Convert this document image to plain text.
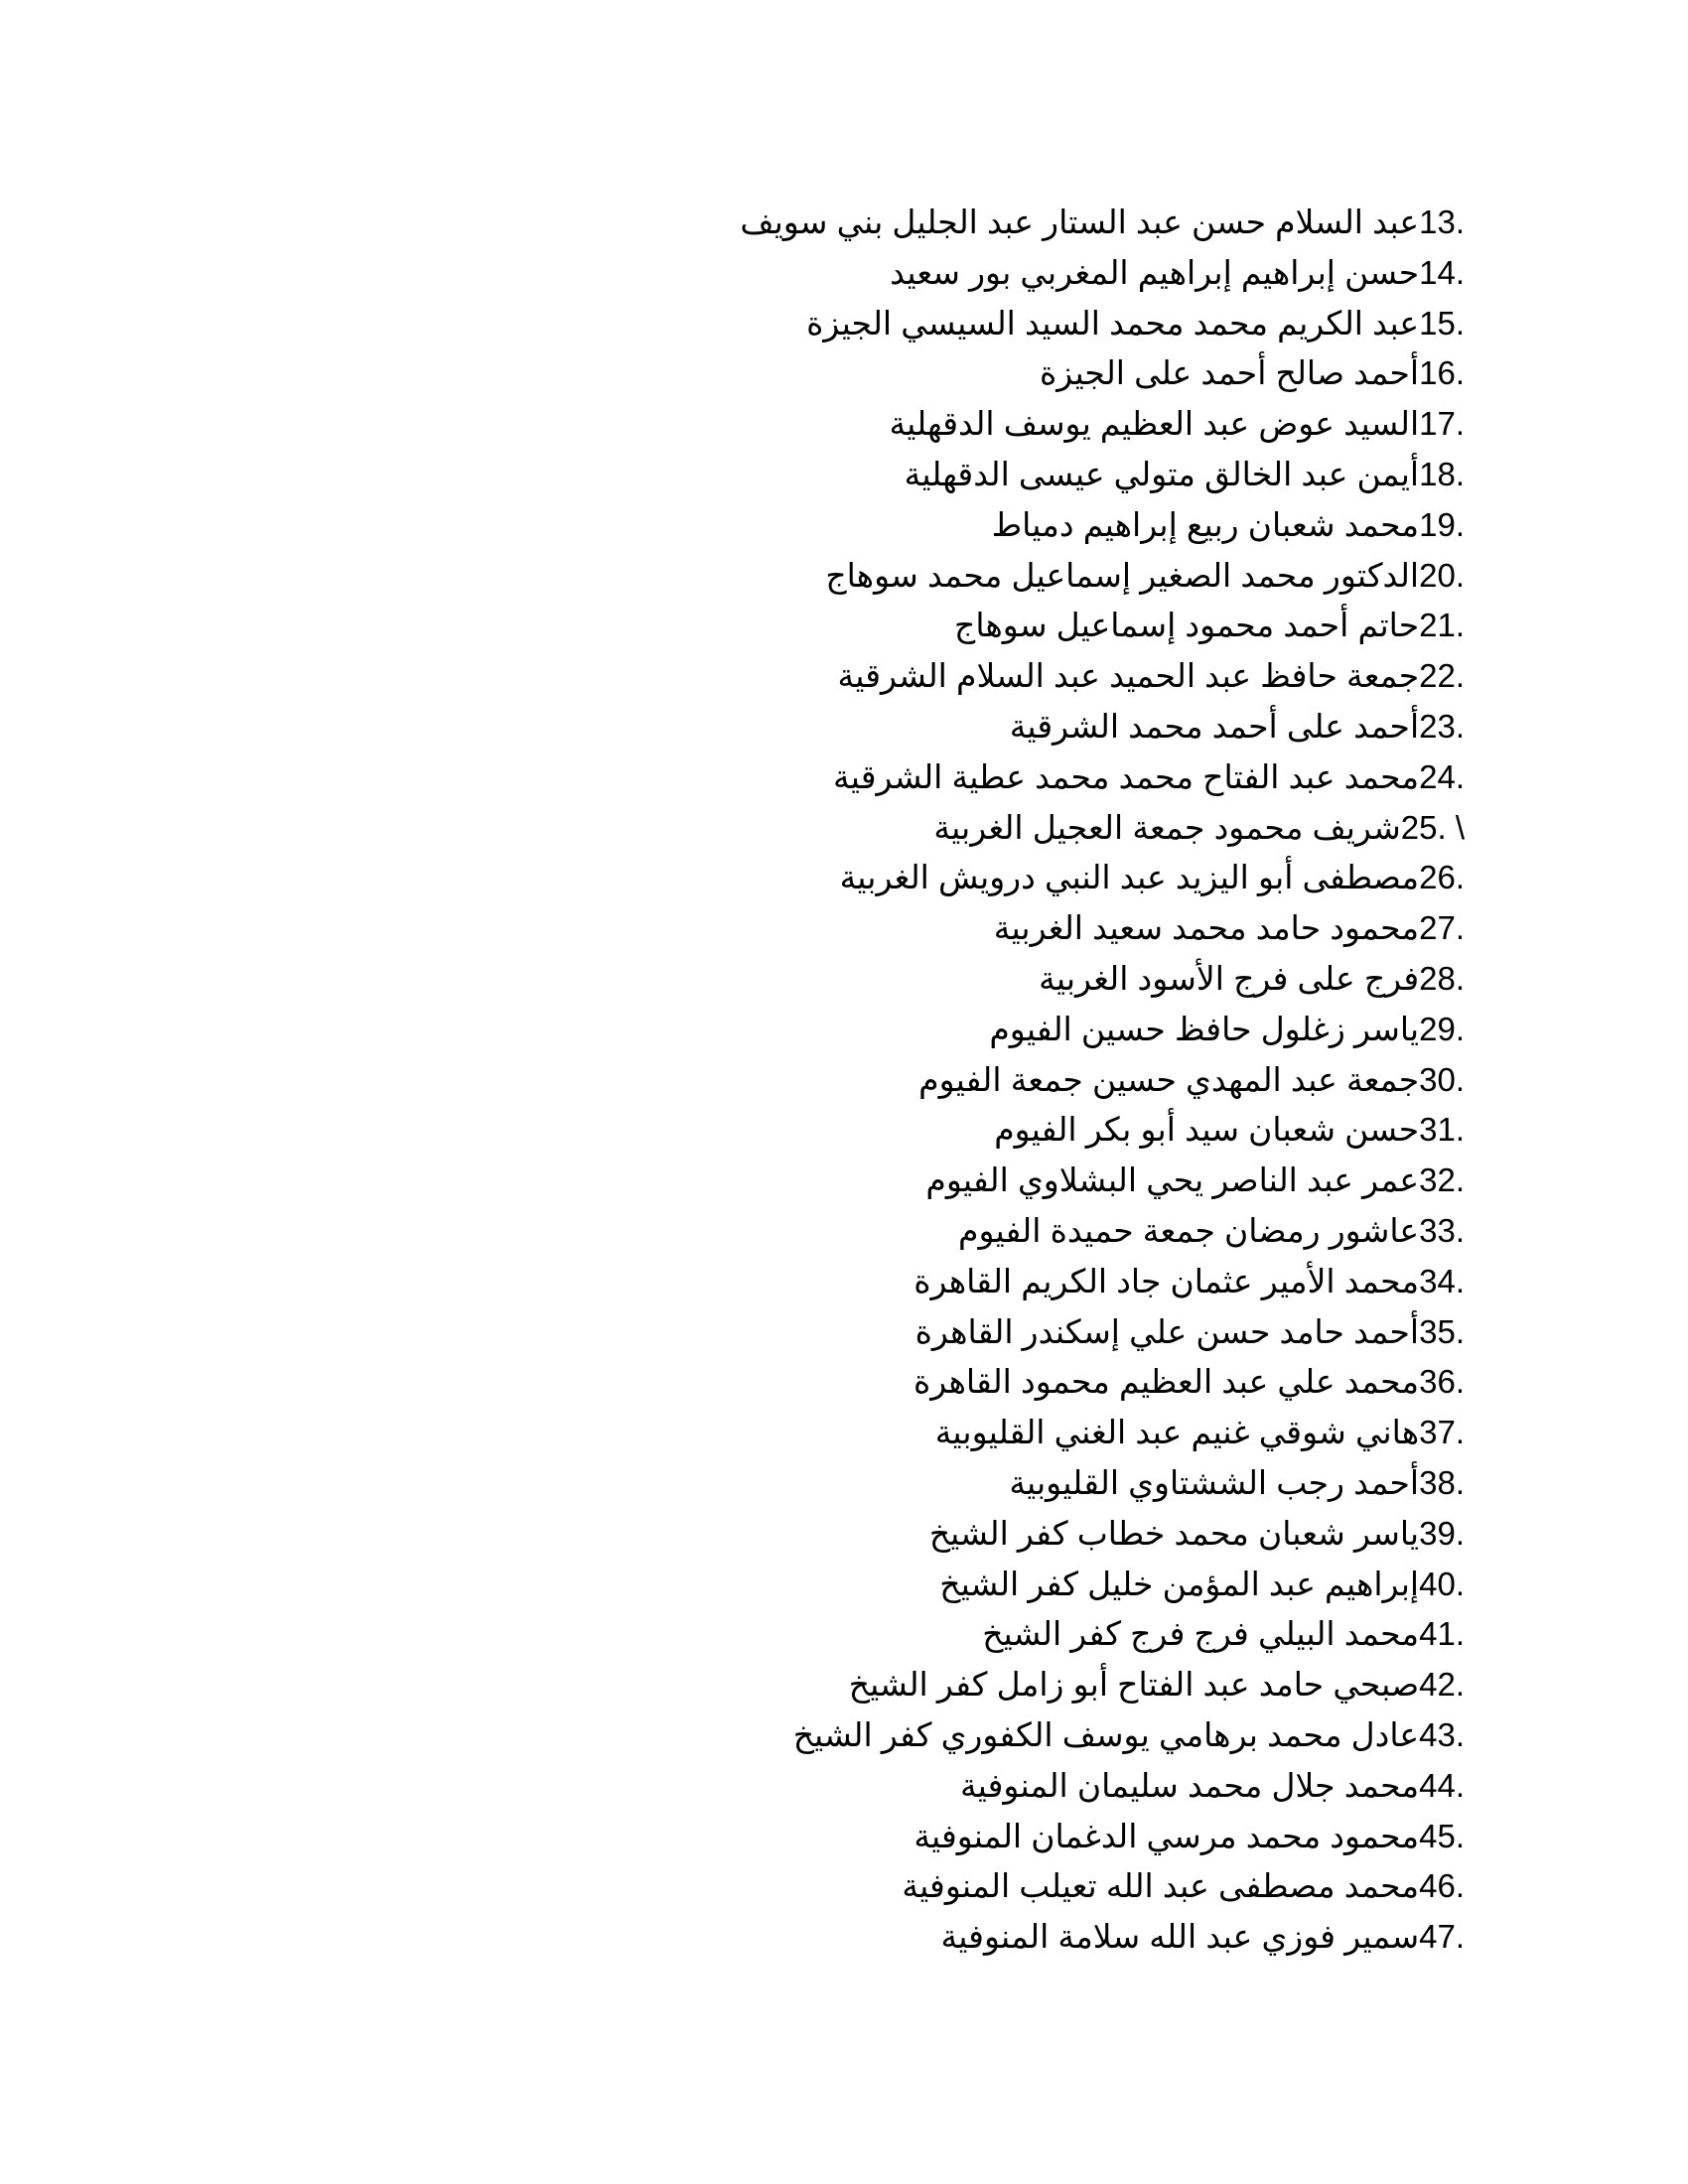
.13عبد السلام حسن عبد الستار عبد الجليل بني سويف
.14حسن إبراهيم إبراهيم المغربي بور سعيد
.15عبد الكريم محمد محمد السيد السيسي الجيزة
.16أحمد صالح أحمد على الجيزة
.17السيد عوض عبد العظيم يوسف الدقهلية
.18أيمن عبد الخالق متولي عيسى الدقهلية
.19محمد شعبان ربيع إبراهيم دمياط
.20الدكتور محمد الصغير إسماعيل محمد سوهاج
.21حاتم أحمد محمود إسماعيل سوهاج
.22جمعة حافظ عبد الحميد عبد السلام الشرقية
.23أحمد على أحمد محمد الشرقية
.24محمد عبد الفتاح محمد محمد عطية الشرقية
\ .25شريف محمود جمعة العجيل الغربية
.26مصطفى أبو اليزيد عبد النبي درويش الغربية
.27محمود حامد محمد سعيد الغربية
.28فرج على فرج الأسود الغربية
.29ياسر زغلول حافظ حسين الفيوم
.30جمعة عبد المهدي حسين جمعة الفيوم
.31حسن شعبان سيد أبو بكر الفيوم
.32عمر عبد الناصر يحي البشلاوي الفيوم
.33عاشور رمضان جمعة حميدة الفيوم
.34محمد الأمير عثمان جاد الكريم القاهرة
.35أحمد حامد حسن علي إسكندر القاهرة
.36محمد علي عبد العظيم محمود القاهرة
.37هاني شوقي غنيم عبد الغني القليوبية
.38أحمد رجب الششتاوي القليوبية
.39ياسر شعبان محمد خطاب كفر الشيخ
.40إبراهيم عبد المؤمن خليل كفر الشيخ
.41محمد البيلي فرج فرج كفر الشيخ
.42صبحي حامد عبد الفتاح أبو زامل كفر الشيخ
.43عادل محمد برهامي يوسف الكفوري كفر الشيخ
.44محمد جلال محمد سليمان المنوفية
.45محمود محمد مرسي الدغمان المنوفية
.46محمد مصطفى عبد الله تعيلب المنوفية
.47سمير فوزي عبد الله سلامة المنوفية
